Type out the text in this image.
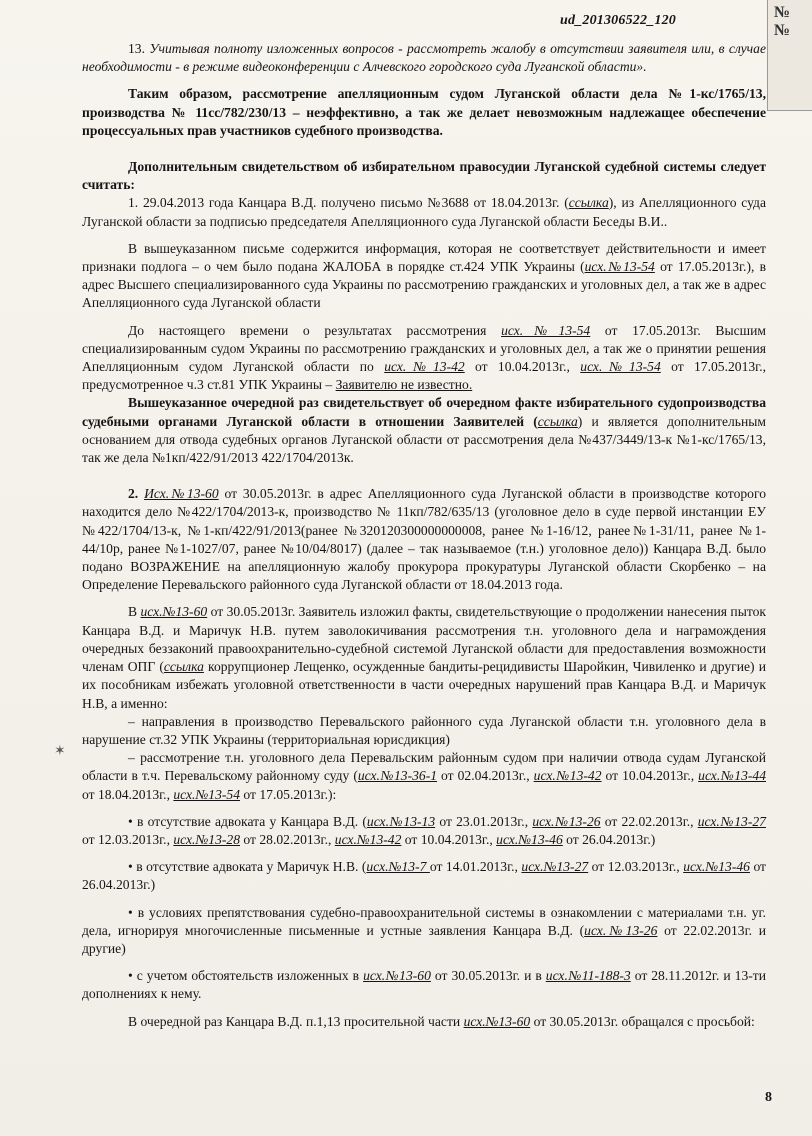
№
№
ud_201306522_120
✶

13. Учитывая полноту изложенных вопросов - рассмотреть жалобу в отсутствии заявителя или, в случае необходимости - в режиме видеоконференции с Алчевского городского суда Луганской области».

Таким образом, рассмотрение апелляционным судом Луганской области дела №1-кс/1765/13, производства № 11сс/782/230/13 – неэффективно, а так же делает невозможным надлежащее обеспечение процессуальных прав участников судебного производства.

Дополнительным свидетельством об избирательном правосудии Луганской судебной системы следует считать:

1. 29.04.2013 года Канцара В.Д. получено письмо №3688 от 18.04.2013г. (ссылка), из Апелляционного суда Луганской области за подписью председателя Апелляционного суда Луганской области Беседы В.И..

В вышеуказанном письме содержится информация, которая не соответствует действительности и имеет признаки подлога – о чем было подана ЖАЛОБА в порядке ст.424 УПК Украины (исх.№13-54 от 17.05.2013г.), в адрес Высшего специализированного суда Украины по рассмотрению гражданских и уголовных дел, а так же в адрес Апелляционного суда Луганской области

До настоящего времени о результатах рассмотрения исх.№13-54 от 17.05.2013г. Высшим специализированным судом Украины по рассмотрению гражданских и уголовных дел, а так же о принятии решения Апелляционным судом Луганской области по исх.№13-42 от 10.04.2013г., исх.№13-54 от 17.05.2013г., предусмотренное ч.3 ст.81 УПК Украины – Заявителю не известно.

Вышеуказанное очередной раз свидетельствует об очередном факте избирательного судопроизводства судебными органами Луганской области в отношении Заявителей (ссылка) и является дополнительным основанием для отвода судебных органов Луганской области от рассмотрения дела №437/3449/13-к №1-кс/1765/13, так же дела №1кп/422/91/2013 422/1704/2013к.

2. Исх.№13-60 от 30.05.2013г. в адрес Апелляционного суда Луганской области в производстве которого находится дело №422/1704/2013-к, производство № 11кп/782/635/13 (уголовное дело в суде первой инстанции ЕУ №422/1704/13-к, №1-кп/422/91/2013(ранее №320120300000000008, ранее №1-16/12, ранее№1-31/11, ранее №1-44/10р, ранее №1-1027/07, ранее №10/04/8017) (далее – так называемое (т.н.) уголовное дело)) Канцара В.Д. было подано ВОЗРАЖЕНИЕ на апелляционную жалобу прокурора прокуратуры Луганской области Скорбенко – на Определение Перевальского районного суда Луганской области от 18.04.2013 года.

В исх.№13-60 от 30.05.2013г. Заявитель изложил факты, свидетельствующие о продолжении нанесения пыток Канцара В.Д. и Маричук Н.В. путем заволокичивания рассмотрения т.н. уголовного дела и награмождения очередных беззаконий правоохранительно-судебной системой Луганской области для предоставления возможности членам ОПГ (ссылка коррупционер Лещенко, осужденные бандиты-рецидивисты Шаройкин, Чивиленко и другие) и их пособникам избежать уголовной ответственности в части очередных нарушений прав Канцара В.Д. и Маричук Н.В, а именно:

– направления в производство Перевальского районного суда Луганской области т.н. уголовного дела в нарушение ст.32 УПК Украины (территориальная юрисдикция)

– рассмотрение т.н. уголовного дела Перевальским районным судом при наличии отвода судам Луганской области в т.ч. Перевальскому районному суду (исх.№13-36-1 от 02.04.2013г., исх.№13-42 от 10.04.2013г., исх.№13-44 от 18.04.2013г., исх.№13-54 от 17.05.2013г.):

• в отсутствие адвоката у Канцара В.Д. (исх.№13-13 от 23.01.2013г., исх.№13-26 от 22.02.2013г., исх.№13-27 от 12.03.2013г., исх.№13-28 от 28.02.2013г., исх.№13-42 от 10.04.2013г., исх.№13-46 от 26.04.2013г.)

• в отсутствие адвоката у Маричук Н.В. (исх.№13-7 от 14.01.2013г., исх.№13-27 от 12.03.2013г., исх.№13-46 от 26.04.2013г.)

• в условиях препятствования судебно-правоохранительной системы в ознакомлении с материалами т.н. уг. дела, игнорируя многочисленные письменные и устные заявления Канцара В.Д. (исх.№13-26 от 22.02.2013г. и другие)

• с учетом обстоятельств изложенных в исх.№13-60 от 30.05.2013г. и в исх.№11-188-3 от 28.11.2012г. и 13-ти дополнениях к нему.

В очередной раз Канцара В.Д. п.1,13 просительной части исх.№13-60 от 30.05.2013г. обращался с просьбой:

8
